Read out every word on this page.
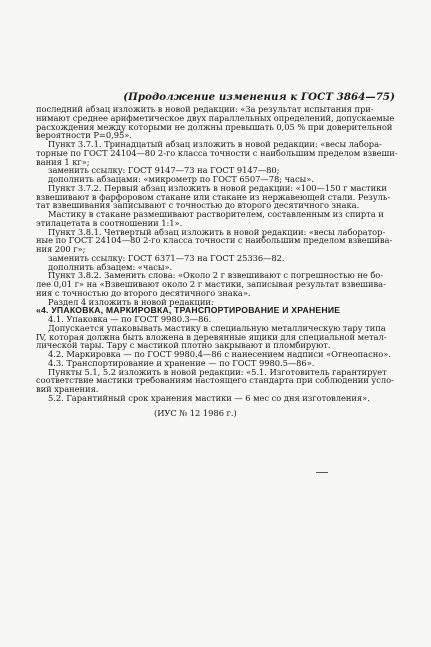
(Продолжение изменения к ГОСТ 3864—75)
последний абзац изложить в новой редакции: «За результат испытания при-
нимают среднее арифметическое двух параллельных определений, допускаемые
расхождения между которыми не должны превышать 0,05 % при доверительной
вероятности P=0,95».
Пункт 3.7.1. Тринадцатый абзац изложить в новой редакции: «весы лабора-
торные по ГОСТ 24104—80 2-го класса точности с наибольшим пределом взвеши-
вания 1 кг»;
заменить ссылку: ГОСТ 9147—73 на ГОСТ 9147—80;
дополнить абзацами: «микрометр по ГОСТ 6507—78; часы».
Пункт 3.7.2. Первый абзац изложить в новой редакции: «100—150 г мастики
взвешивают в фарфоровом стакане или стакане из нержавеющей стали. Резуль-
тат взвешивания записывают с точностью до второго десятичного знака.
Мастику в стакане размешивают растворителем, составленным из спирта и
этилацетата в соотношении 1:1».
Пункт 3.8.1. Четвертый абзац изложить в новой редакции: «весы лаборатор-
ные по ГОСТ 24104—80 2-го класса точности с наибольшим пределом взвешива-
ния 200 г»;
заменить ссылку: ГОСТ 6371—73 на ГОСТ 25336—82.
дополнить абзацем: «часы».
Пункт 3.8.2. Заменить слова: «Около 2 г взвешивают с погрешностью не бо-
лее 0,01 г» на «Взвешивают около 2 г мастики, записывая результат взвешива-
ния с точностью до второго десятичного знака».
Раздел 4 изложить в новой редакции:
«4. УПАКОВКА, МАРКИРОВКА, ТРАНСПОРТИРОВАНИЕ И ХРАНЕНИЕ
4.1. Упаковка — по ГОСТ 9980.3—86.
Допускается упаковывать мастику в специальную металлическую тару типа
IV, которая должна быть вложена в деревянные ящики для специальной метал-
лической тары. Тару с мастикой плотно закрывают и пломбируют.
4.2. Маркировка — по ГОСТ 9980.4—86 с нанесением надписи «Огнеопасно».
4.3. Транспортирование и хранение — по ГОСТ 9980.5—86».
Пункты 5.1, 5.2 изложить в новой редакции: «5.1. Изготовитель гарантирует
соответствие мастики требованиям настоящего стандарта при соблюдении усло-
вий хранения.
5.2. Гарантийный срок хранения мастики — 6 мес со дня изготовления».
(ИУС № 12 1986 г.)
